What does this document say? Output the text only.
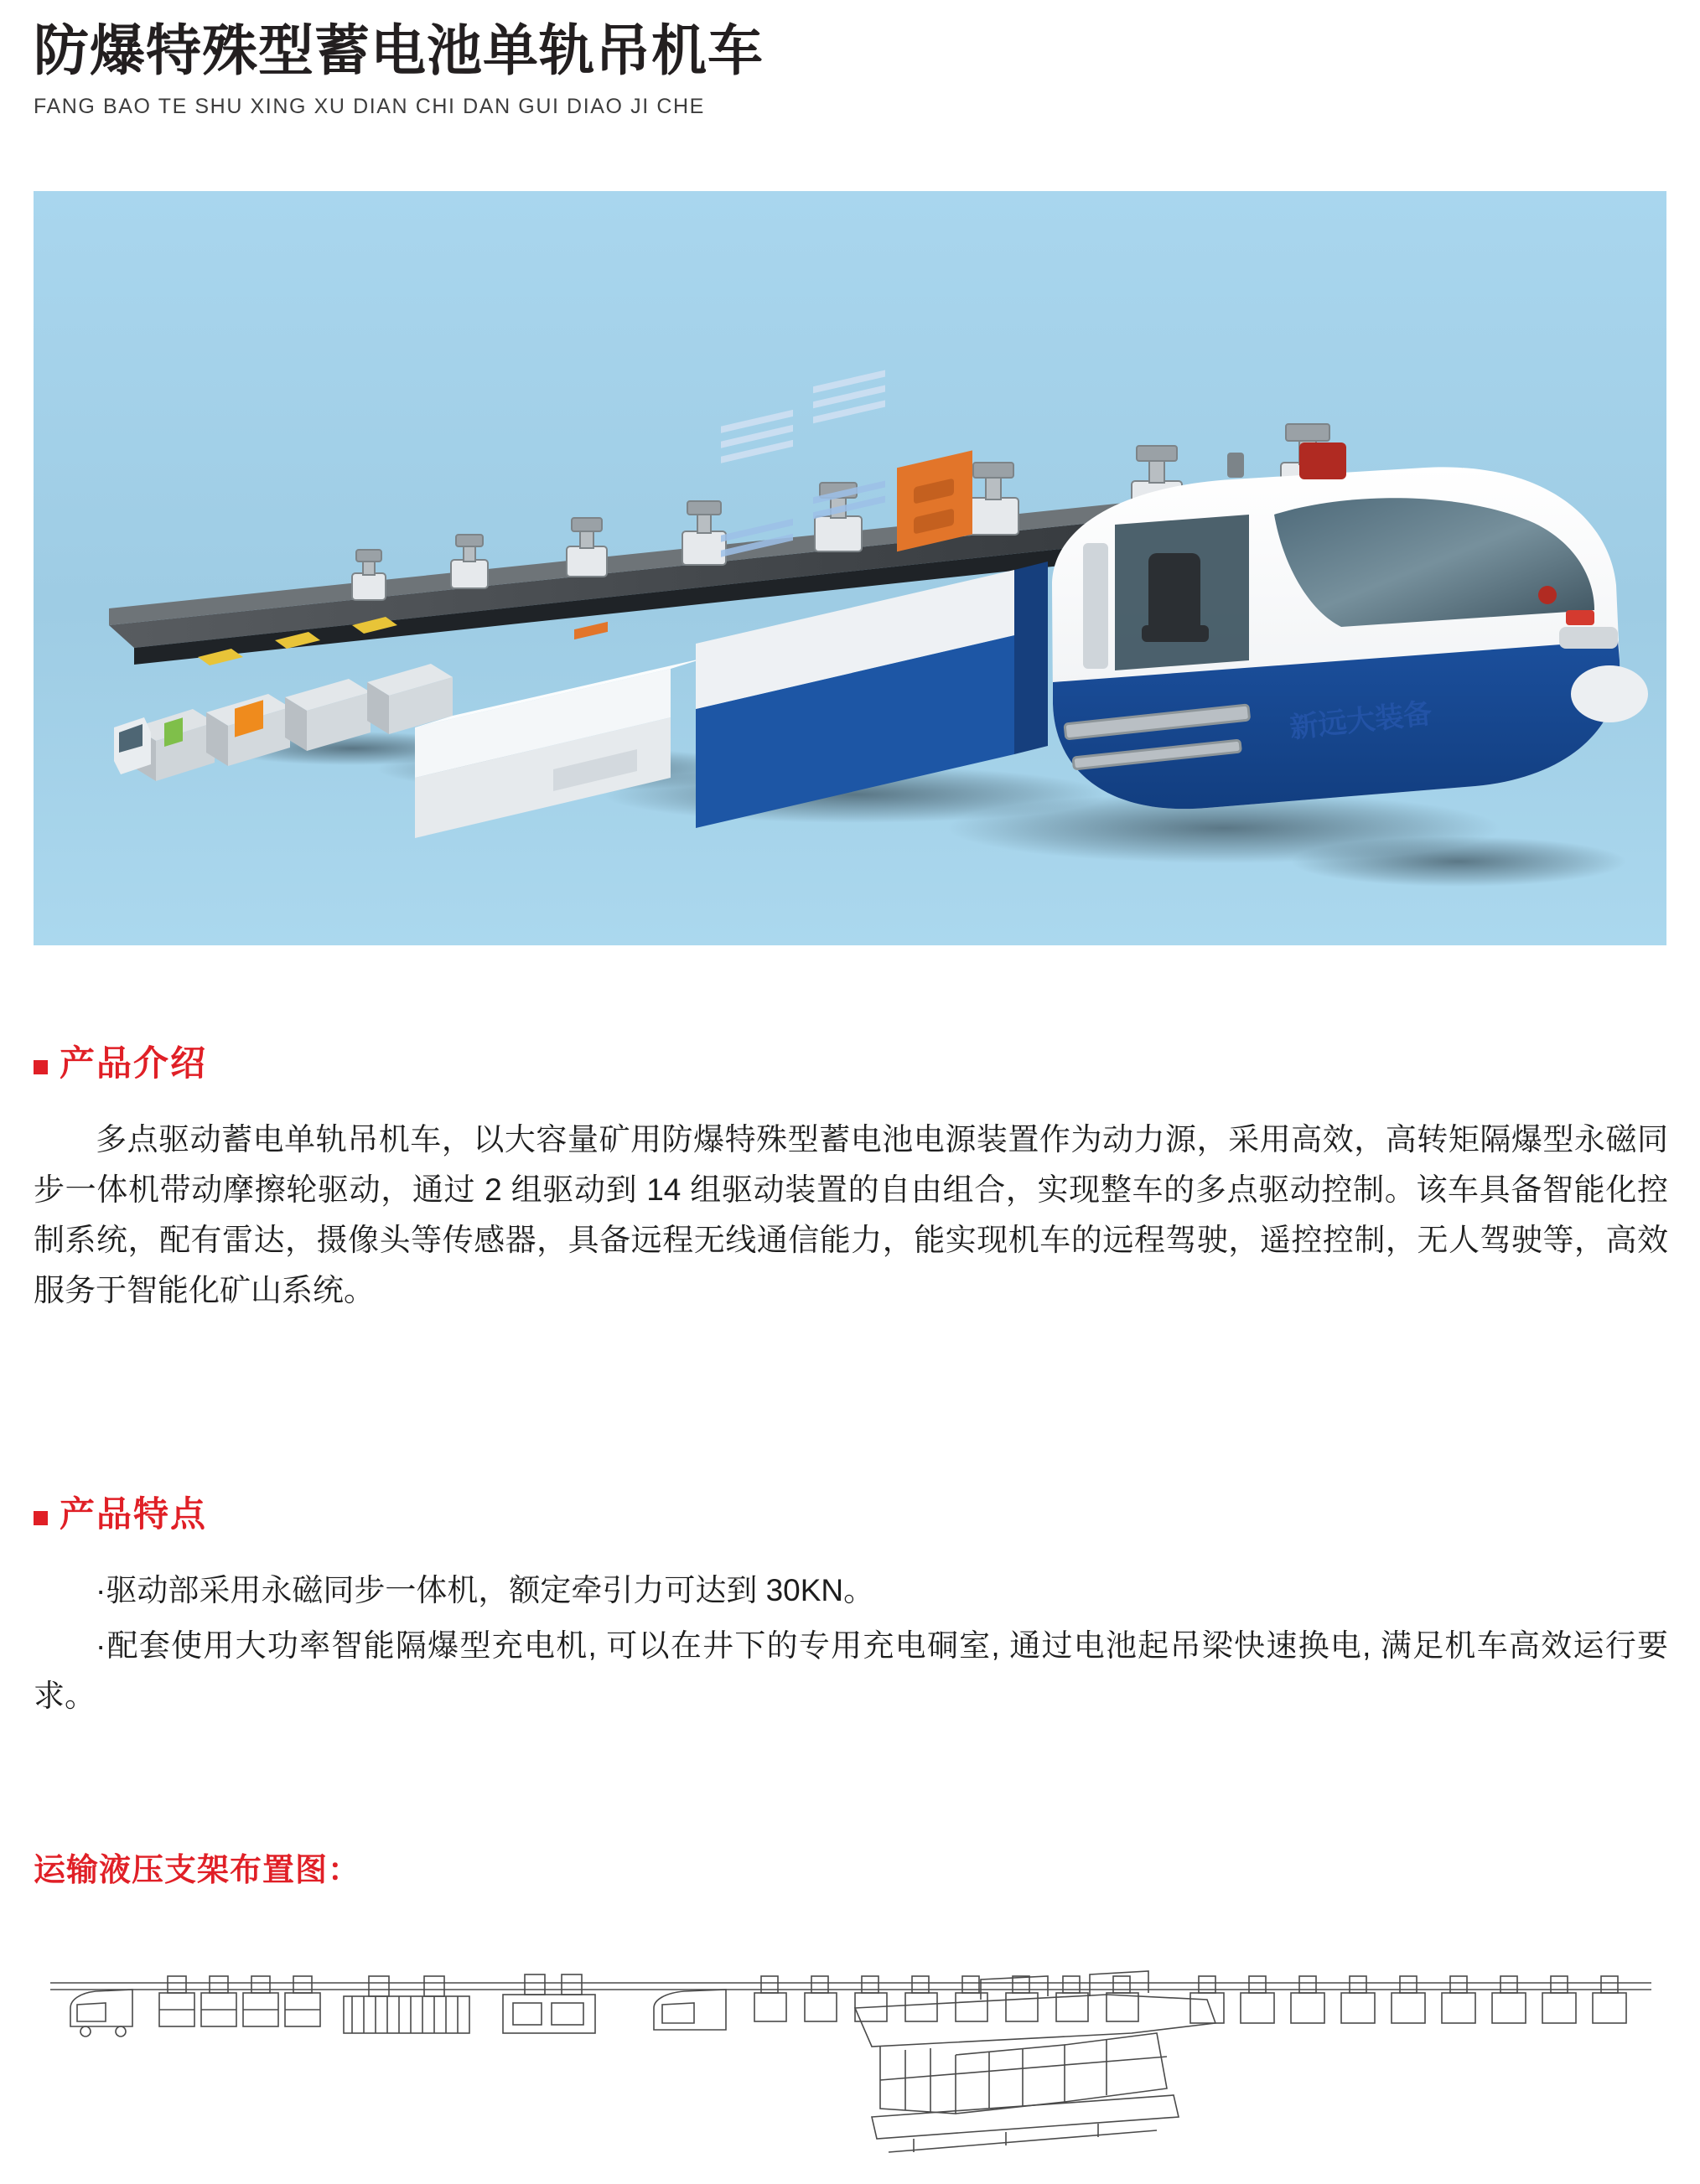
防爆特殊型蓄电池单轨吊机车
FANG BAO TE SHU XING XU DIAN CHI DAN GUI DIAO JI CHE
新远大装备
产品介绍

多点驱动蓄电单轨吊机车，以大容量矿用防爆特殊型蓄电池电源装置作为动力源，采用高效，高转矩隔爆型永磁同步一体机带动摩擦轮驱动，通过 2 组驱动到 14 组驱动装置的自由组合，实现整车的多点驱动控制。该车具备智能化控制系统，配有雷达，摄像头等传感器，具备远程无线通信能力，能实现机车的远程驾驶，遥控控制，无人驾驶等，高效服务于智能化矿山系统。

产品特点

·驱动部采用永磁同步一体机，额定牵引力可达到 30KN。

·配套使用大功率智能隔爆型充电机, 可以在井下的专用充电硐室, 通过电池起吊梁快速换电, 满足机车高效运行要求。

运输液压支架布置图：
